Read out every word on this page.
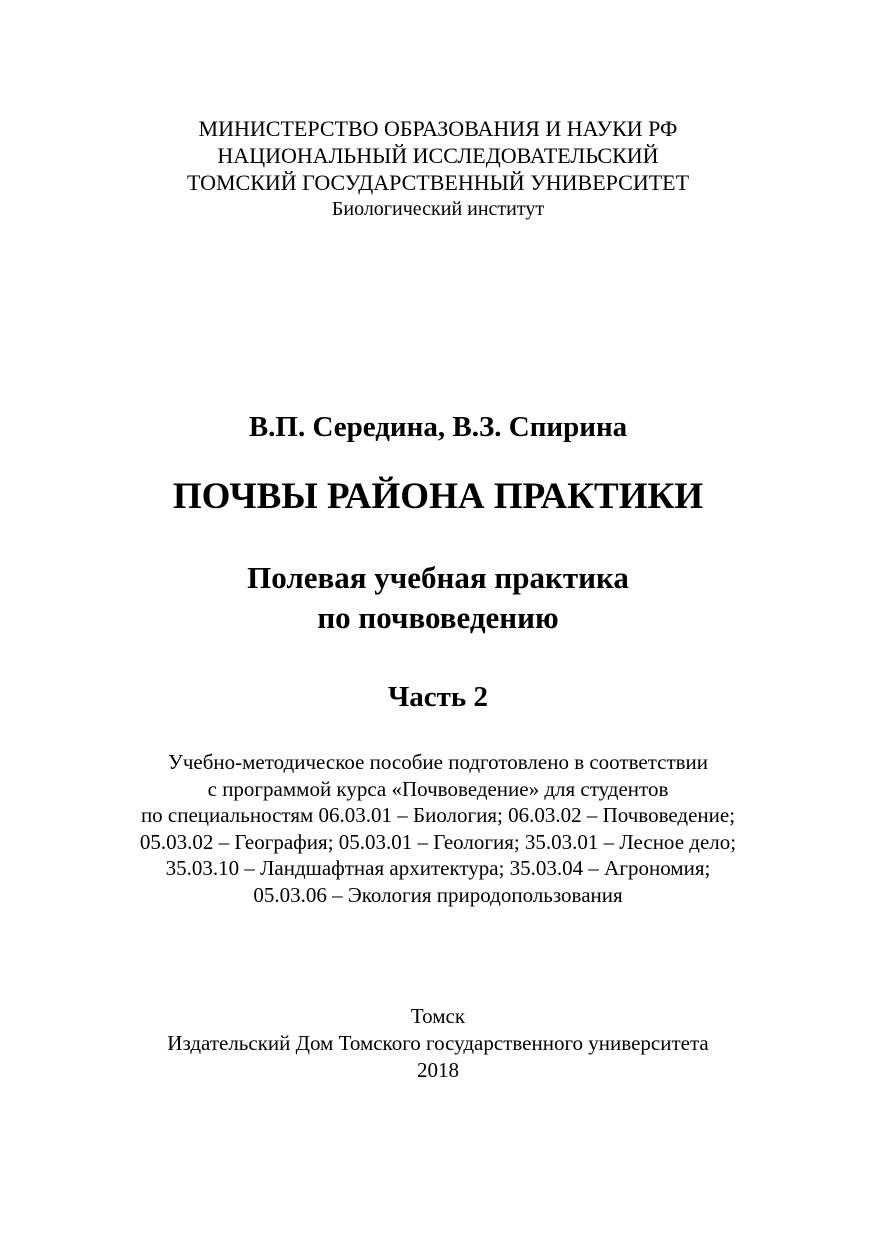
МИНИСТЕРСТВО ОБРАЗОВАНИЯ И НАУКИ РФ
НАЦИОНАЛЬНЫЙ ИССЛЕДОВАТЕЛЬСКИЙ
ТОМСКИЙ ГОСУДАРСТВЕННЫЙ УНИВЕРСИТЕТ
Биологический институт
В.П. Середина, В.З. Спирина
ПОЧВЫ РАЙОНА ПРАКТИКИ
Полевая учебная практика
по почвоведению
Часть 2
Учебно-методическое пособие подготовлено в соответствии
с программой курса «Почвоведение» для студентов
по специальностям 06.03.01 – Биология; 06.03.02 – Почвоведение;
05.03.02 – География; 05.03.01 – Геология; 35.03.01 – Лесное дело;
35.03.10 – Ландшафтная архитектура; 35.03.04 – Агрономия;
05.03.06 – Экология природопользования
Томск
Издательский Дом Томского государственного университета
2018
